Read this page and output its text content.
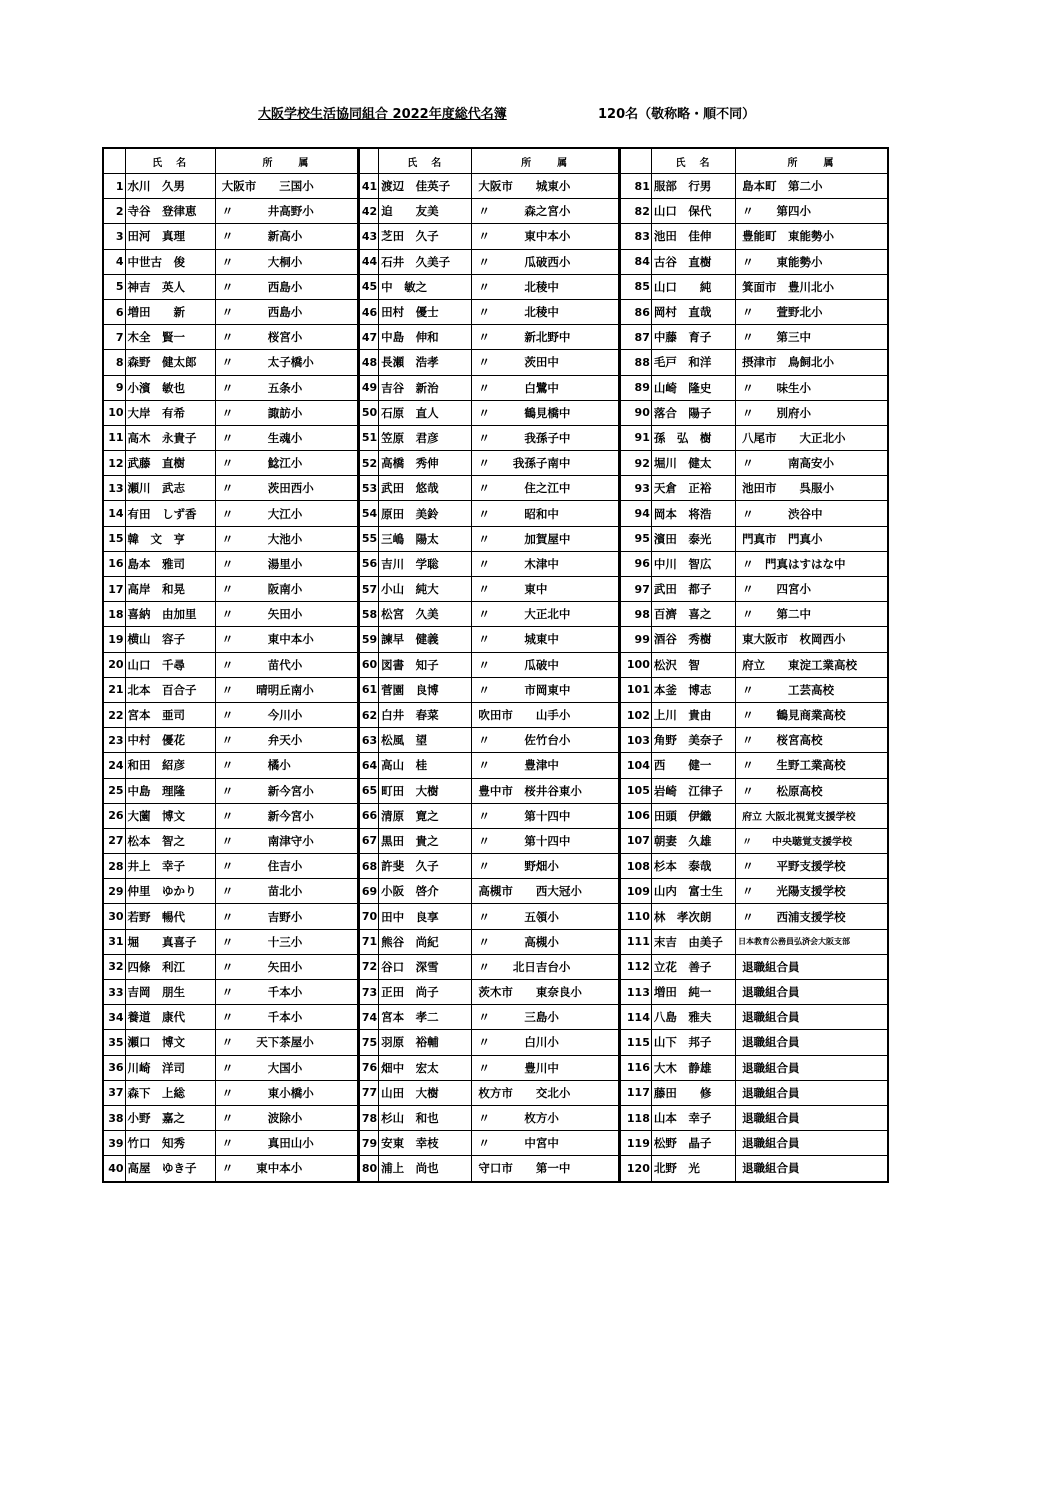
大阪学校生活協同組合 2022年度総代名簿	120名（敬称略・順不同）
	氏　名	所　　属		氏　名	所　　属		氏　名	所　　属
1	水川　久男	大阪市　　三国小	41	渡辺　佳英子	大阪市　　城東小	81	服部　行男	島本町　第二小
2	寺谷　登律恵	〃　　　井高野小	42	迫　　友美	〃　　　森之宮小	82	山口　保代	〃　　第四小
3	田河　真理	〃　　　新高小	43	芝田　久子	〃　　　東中本小	83	池田　佳伸	豊能町　東能勢小
4	中世古　俊	〃　　　大桐小	44	石井　久美子	〃　　　瓜破西小	84	古谷　直樹	〃　　東能勢小
5	神吉　英人	〃　　　西島小	45	中　敏之	〃　　　北稜中	85	山口　　純	箕面市　豊川北小
6	増田　　新	〃　　　西島小	46	田村　優士	〃　　　北稜中	86	岡村　直哉	〃　　萱野北小
7	木全　賢一	〃　　　桜宮小	47	中島　伸和	〃　　　新北野中	87	中藤　育子	〃　　第三中
8	森野　健太郎	〃　　　太子橋小	48	長瀬　浩孝	〃　　　茨田中	88	毛戸　和洋	摂津市　鳥飼北小
9	小濱　敏也	〃　　　五条小	49	吉谷　新治	〃　　　白鷺中	89	山崎　隆史	〃　　味生小
10	大岸　有希	〃　　　諏訪小	50	石原　直人	〃　　　鶴見橋中	90	落合　陽子	〃　　別府小
11	高木　永貴子	〃　　　生魂小	51	笠原　君彦	〃　　　我孫子中	91	孫　弘　樹	八尾市　　大正北小
12	武藤　直樹	〃　　　鯰江小	52	高橋　秀伸	〃　　我孫子南中	92	堀川　健太	〃　　　南高安小
13	瀬川　武志	〃　　　茨田西小	53	武田　悠哉	〃　　　住之江中	93	天倉　正裕	池田市　　呉服小
14	有田　しず香	〃　　　大江小	54	原田　美鈴	〃　　　昭和中	94	岡本　将浩	〃　　　渋谷中
15	韓　文　亨	〃　　　大池小	55	三嶋　陽太	〃　　　加賀屋中	95	濱田　泰光	門真市　門真小
16	島本　雅司	〃　　　湯里小	56	吉川　学聡	〃　　　木津中	96	中川　智広	〃　門真はすはな中
17	高岸　和晃	〃　　　阪南小	57	小山　純大	〃　　　東中	97	武田　都子	〃　　四宮小
18	喜納　由加里	〃　　　矢田小	58	松宮　久美	〃　　　大正北中	98	百濟　喜之	〃　　第二中
19	横山　容子	〃　　　東中本小	59	諫早　健義	〃　　　城東中	99	酒谷　秀樹	東大阪市　枚岡西小
20	山口　千尋	〃　　　苗代小	60	図書　知子	〃　　　瓜破中	100	松沢　智	府立　　東淀工業高校
21	北本　百合子	〃　　晴明丘南小	61	菅園　良博	〃　　　市岡東中	101	本釜　博志	〃　　　工芸高校
22	宮本　亜司	〃　　　今川小	62	白井　春菜	吹田市　　山手小	102	上川　貴由	〃　　鶴見商業高校
23	中村　優花	〃　　　弁天小	63	松風　望	〃　　　佐竹台小	103	角野　美奈子	〃　　桜宮高校
24	和田　紹彦	〃　　　橘小	64	高山　桂	〃　　　豊津中	104	西　　健一	〃　　生野工業高校
25	中島　理隆	〃　　　新今宮小	65	町田　大樹	豊中市　桜井谷東小	105	岩崎　江律子	〃　　松原高校
26	大薗　博文	〃　　　新今宮小	66	清原　寛之	〃　　　第十四中	106	田頭　伊織	府立 大阪北視覚支援学校
27	松本　智之	〃　　　南津守小	67	黒田　貴之	〃　　　第十四中	107	朝妻　久雄	〃　　中央聴覚支援学校
28	井上　幸子	〃　　　住吉小	68	許斐　久子	〃　　　野畑小	108	杉本　泰哉	〃　　平野支援学校
29	仲里　ゆかり	〃　　　苗北小	69	小阪　啓介	高槻市　　西大冠小	109	山内　富士生	〃　　光陽支援学校
30	若野　暢代	〃　　　吉野小	70	田中　良享	〃　　　五領小	110	林　孝次朗	〃　　西浦支援学校
31	堀　　真喜子	〃　　　十三小	71	熊谷　尚紀	〃　　　高槻小	111	末吉　由美子	日本教育公務員弘済会大阪支部
32	四條　利江	〃　　　矢田小	72	谷口　深雪	〃　　北日吉台小	112	立花　善子	退職組合員
33	吉岡　朋生	〃　　　千本小	73	正田　尚子	茨木市　　東奈良小	113	増田　純一	退職組合員
34	養道　康代	〃　　　千本小	74	宮本　孝二	〃　　　三島小	114	八島　雅夫	退職組合員
35	瀬口　博文	〃　　天下茶屋小	75	羽原　裕輔	〃　　　白川小	115	山下　邦子	退職組合員
36	川崎　洋司	〃　　　大国小	76	畑中　宏太	〃　　　豊川中	116	大木　静雄	退職組合員
37	森下　上総	〃　　　東小橋小	77	山田　大樹	枚方市　　交北小	117	藤田　　修	退職組合員
38	小野　嘉之	〃　　　波除小	78	杉山　和也	〃　　　枚方小	118	山本　幸子	退職組合員
39	竹口　知秀	〃　　　真田山小	79	安東　幸枝	〃　　　中宮中	119	松野　晶子	退職組合員
40	高屋　ゆき子	〃　　東中本小	80	浦上　尚也	守口市　　第一中	120	北野　光	退職組合員
